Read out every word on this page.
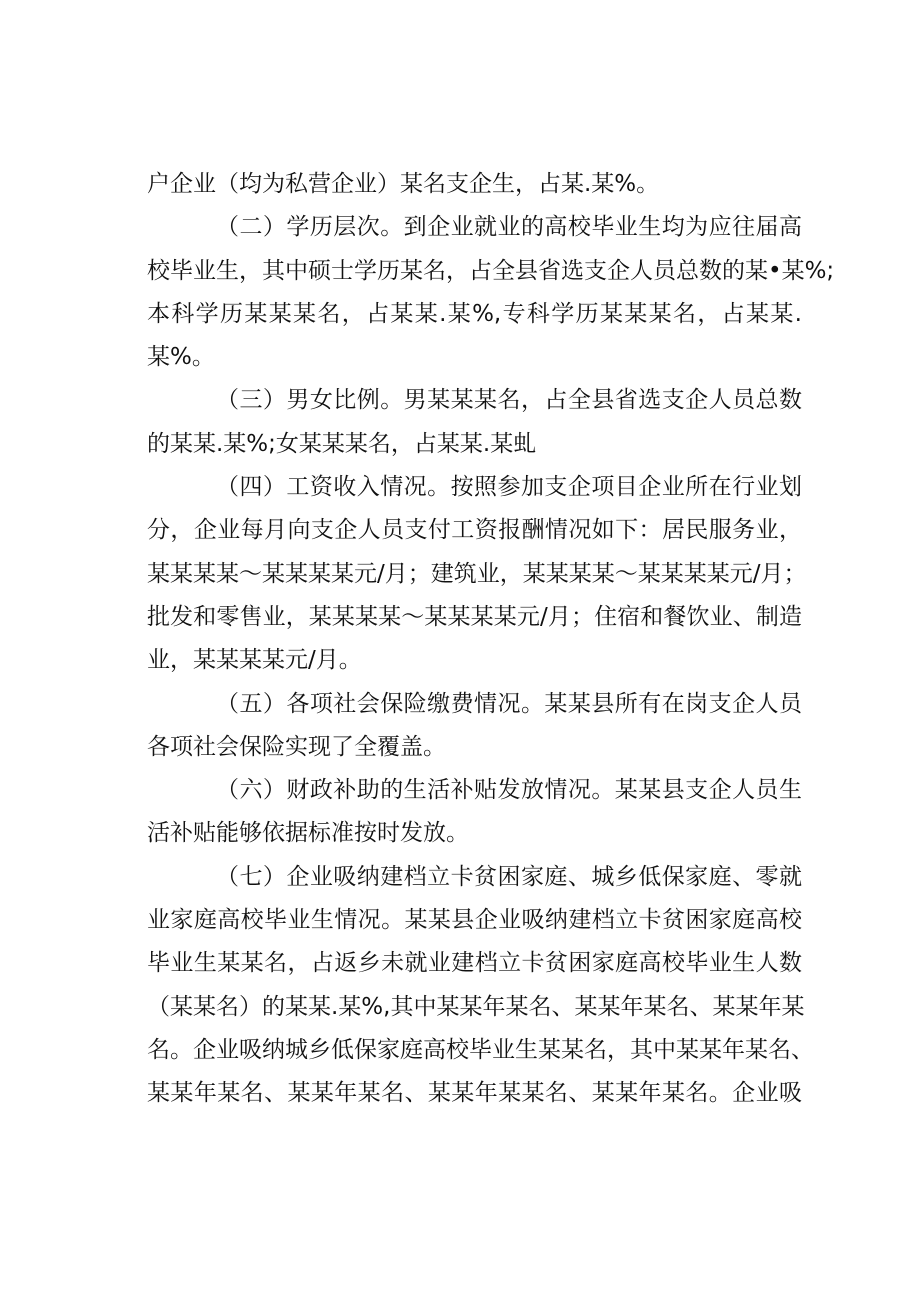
户企业（均为私营企业）某名支企生，占某.某%。
（二）学历层次。到企业就业的高校毕业生均为应往届高
校毕业生，其中硕士学历某名，占全县省选支企人员总数的某•某%;
本科学历某某某名，占某某.某%,专科学历某某某名，占某某.
某%。
（三）男女比例。男某某某名，占全县省选支企人员总数
的某某.某%;女某某某名，占某某.某虬
（四）工资收入情况。按照参加支企项目企业所在行业划
分，企业每月向支企人员支付工资报酬情况如下：居民服务业，
某某某某〜某某某某元/月；建筑业，某某某某〜某某某某元/月；
批发和零售业，某某某某〜某某某某元/月；住宿和餐饮业、制造
业，某某某某元/月。
（五）各项社会保险缴费情况。某某县所有在岗支企人员
各项社会保险实现了全覆盖。
（六）财政补助的生活补贴发放情况。某某县支企人员生
活补贴能够依据标准按时发放。
（七）企业吸纳建档立卡贫困家庭、城乡低保家庭、零就
业家庭高校毕业生情况。某某县企业吸纳建档立卡贫困家庭高校
毕业生某某名，占返乡未就业建档立卡贫困家庭高校毕业生人数
（某某名）的某某.某%,其中某某年某名、某某年某名、某某年某
名。企业吸纳城乡低保家庭高校毕业生某某名，其中某某年某名、
某某年某名、某某年某名、某某年某某名、某某年某名。企业吸
